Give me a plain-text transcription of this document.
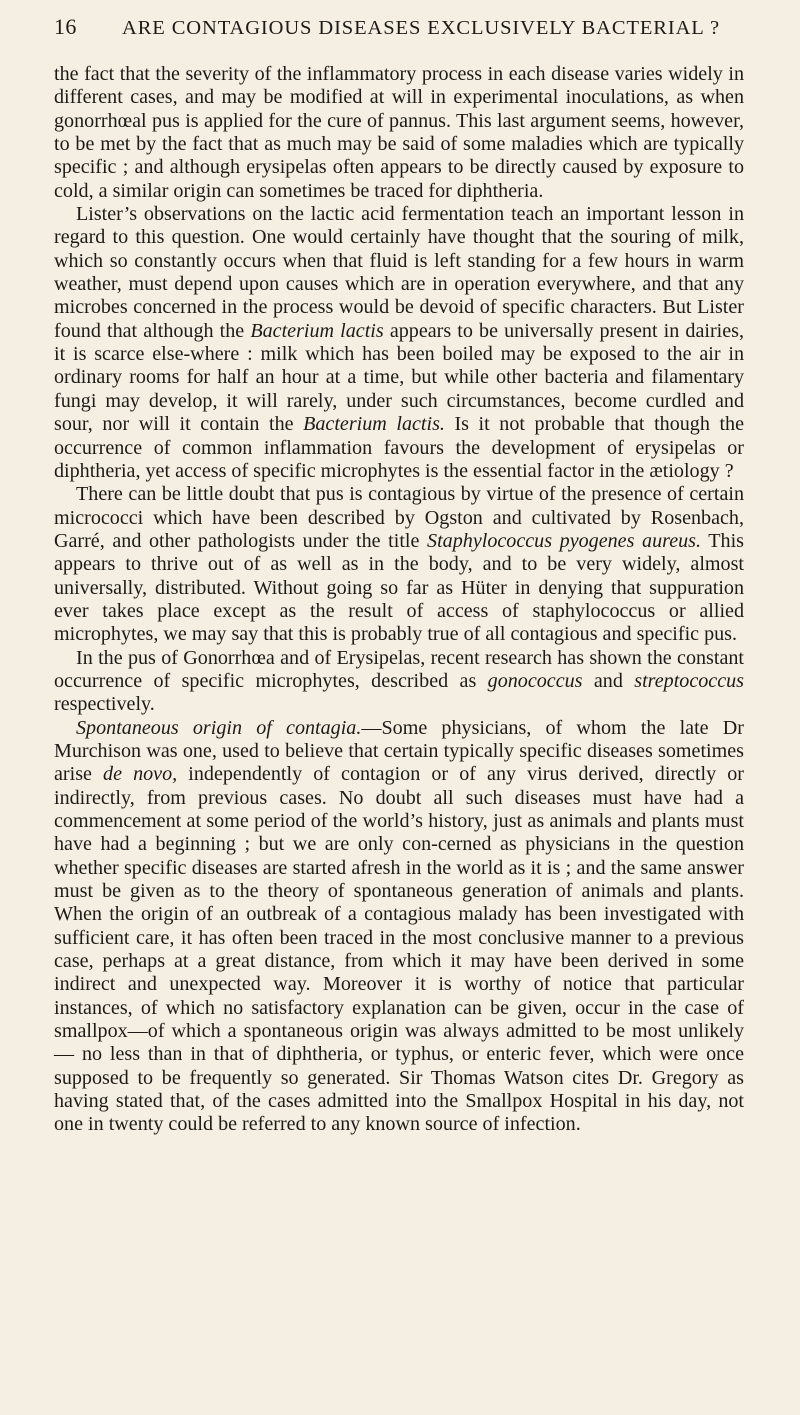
16	ARE CONTAGIOUS DISEASES EXCLUSIVELY BACTERIAL ?

the fact that the severity of the inflammatory process in each disease varies widely in different cases, and may be modified at will in experimental inoculations, as when gonorrhœal pus is applied for the cure of pannus. This last argument seems, however, to be met by the fact that as much may be said of some maladies which are typically specific ; and although erysipelas often appears to be directly caused by exposure to cold, a similar origin can sometimes be traced for diphtheria.

Lister’s observations on the lactic acid fermentation teach an important lesson in regard to this question. One would certainly have thought that the souring of milk, which so constantly occurs when that fluid is left standing for a few hours in warm weather, must depend upon causes which are in operation everywhere, and that any microbes concerned in the process would be devoid of specific characters. But Lister found that although the Bacterium lactis appears to be universally present in dairies, it is scarce else-where : milk which has been boiled may be exposed to the air in ordinary rooms for half an hour at a time, but while other bacteria and filamentary fungi may develop, it will rarely, under such circumstances, become curdled and sour, nor will it contain the Bacterium lactis. Is it not probable that though the occurrence of common inflammation favours the development of erysipelas or diphtheria, yet access of specific microphytes is the essential factor in the ætiology ?

There can be little doubt that pus is contagious by virtue of the presence of certain micrococci which have been described by Ogston and cultivated by Rosenbach, Garré, and other pathologists under the title Staphylococcus pyogenes aureus. This appears to thrive out of as well as in the body, and to be very widely, almost universally, distributed. Without going so far as Hüter in denying that suppuration ever takes place except as the result of access of staphylococcus or allied microphytes, we may say that this is probably true of all contagious and specific pus.

In the pus of Gonorrhœa and of Erysipelas, recent research has shown the constant occurrence of specific microphytes, described as gonococcus and streptococcus respectively.

Spontaneous origin of contagia.—Some physicians, of whom the late Dr Murchison was one, used to believe that certain typically specific diseases sometimes arise de novo, independently of contagion or of any virus derived, directly or indirectly, from previous cases. No doubt all such diseases must have had a commencement at some period of the world’s history, just as animals and plants must have had a beginning ; but we are only con-cerned as physicians in the question whether specific diseases are started afresh in the world as it is ; and the same answer must be given as to the theory of spontaneous generation of animals and plants. When the origin of an outbreak of a contagious malady has been investigated with sufficient care, it has often been traced in the most conclusive manner to a previous case, perhaps at a great distance, from which it may have been derived in some indirect and unexpected way. Moreover it is worthy of notice that particular instances, of which no satisfactory explanation can be given, occur in the case of smallpox—of which a spontaneous origin was always admitted to be most unlikely — no less than in that of diphtheria, or typhus, or enteric fever, which were once supposed to be frequently so generated. Sir Thomas Watson cites Dr. Gregory as having stated that, of the cases admitted into the Smallpox Hospital in his day, not one in twenty could be referred to any known source of infection.
